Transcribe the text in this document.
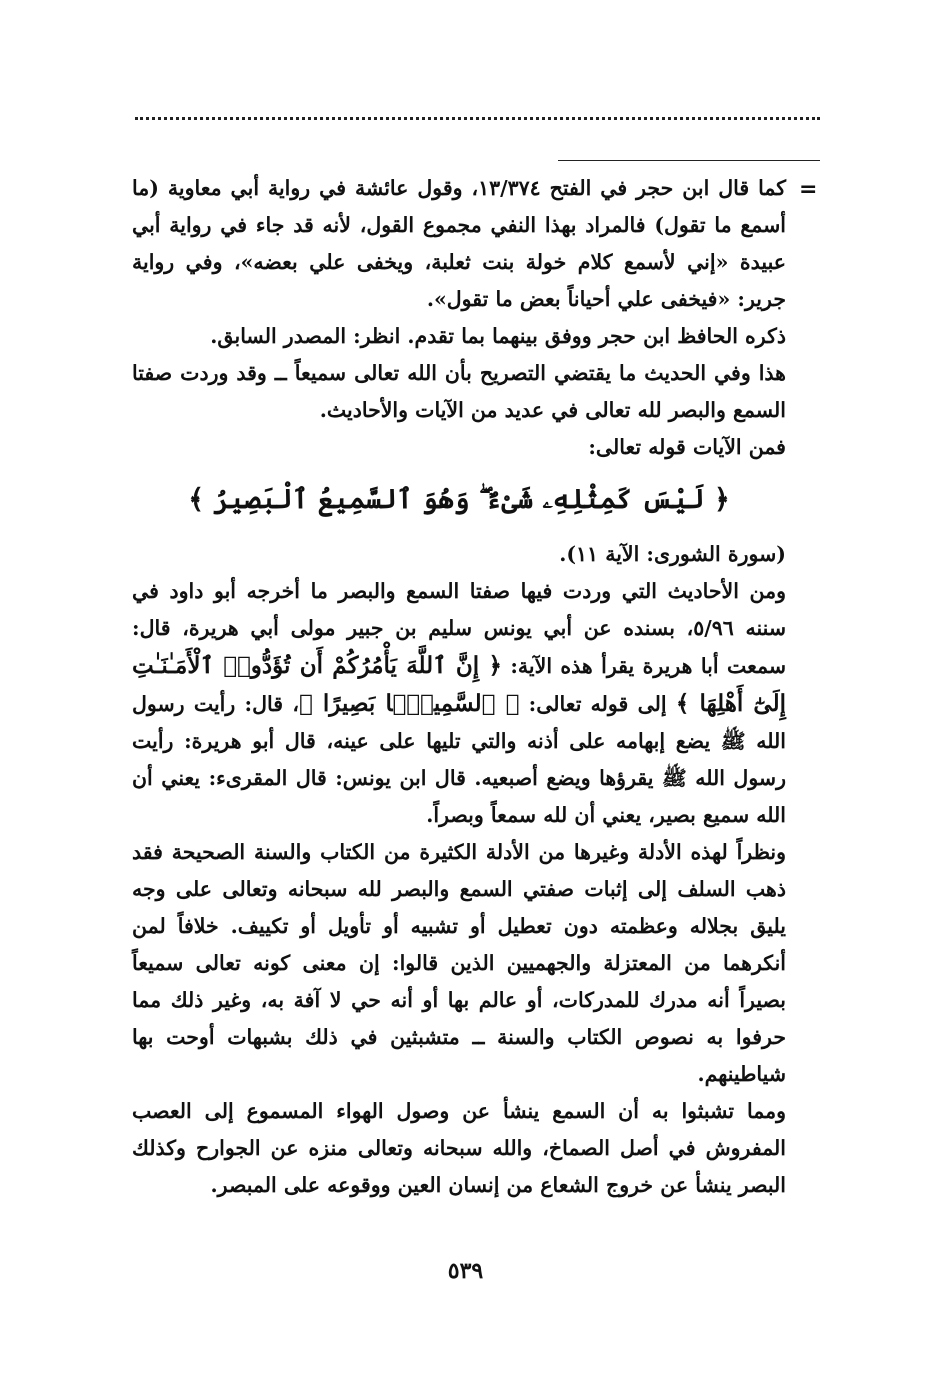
=

كما قال ابن حجر في الفتح ١٣/٣٧٤، وقول عائشة في رواية أبي معاوية (ما أسمع ما تقول) فالمراد بهذا النفي مجموع القول، لأنه قد جاء في رواية أبي عبيدة «إني لأسمع كلام خولة بنت ثعلبة، ويخفى علي بعضه»، وفي رواية جرير: «فيخفى علي أحياناً بعض ما تقول».

ذكره الحافظ ابن حجر ووفق بينهما بما تقدم. انظر: المصدر السابق.

هذا وفي الحديث ما يقتضي التصريح بأن الله تعالى سميعاً ــ وقد وردت صفتا السمع والبصر لله تعالى في عديد من الآيات والأحاديث.

فمن الآيات قوله تعالى:

﴿ لَيْسَ كَمِثْلِهِۦ شَىْءٌ ۖ وَهُوَ ٱلسَّمِيعُ ٱلْبَصِيرُ ﴾

(سورة الشورى: الآية ١١).

ومن الأحاديث التي وردت فيها صفتا السمع والبصر ما أخرجه أبو داود في سننه ٥/٩٦، بسنده عن أبي يونس سليم بن جبير مولى أبي هريرة، قال: سمعت أبا هريرة يقرأ هذه الآية: ﴿ إِنَّ ٱللَّهَ يَأْمُرُكُمْ أَن تُؤَدُّوا۟ ٱلْأَمَـٰنَـٰتِ إِلَىٰٓ أَهْلِهَا ﴾ إلى قوله تعالى: ﴿ ٱلسَّمِيعًۢا بَصِيرًا ﴾، قال: رأيت رسول الله ﷺ يضع إبهامه على أذنه والتي تليها على عينه، قال أبو هريرة: رأيت رسول الله ﷺ يقرؤها ويضع أصبعيه. قال ابن يونس: قال المقرىء: يعني أن الله سميع بصير، يعني أن لله سمعاً وبصراً.

ونظراً لهذه الأدلة وغيرها من الأدلة الكثيرة من الكتاب والسنة الصحيحة فقد ذهب السلف إلى إثبات صفتي السمع والبصر لله سبحانه وتعالى على وجه يليق بجلاله وعظمته دون تعطيل أو تشبيه أو تأويل أو تكييف. خلافاً لمن أنكرهما من المعتزلة والجهميين الذين قالوا: إن معنى كونه تعالى سميعاً بصيراً أنه مدرك للمدركات، أو عالم بها أو أنه حي لا آفة به، وغير ذلك مما حرفوا به نصوص الكتاب والسنة ــ متشبثين في ذلك بشبهات أوحت بها شياطينهم.

ومما تشبثوا به أن السمع ينشأ عن وصول الهواء المسموع إلى العصب المفروش في أصل الصماخ، والله سبحانه وتعالى منزه عن الجوارح وكذلك البصر ينشأ عن خروج الشعاع من إنسان العين ووقوعه على المبصر.

٥٣٩
